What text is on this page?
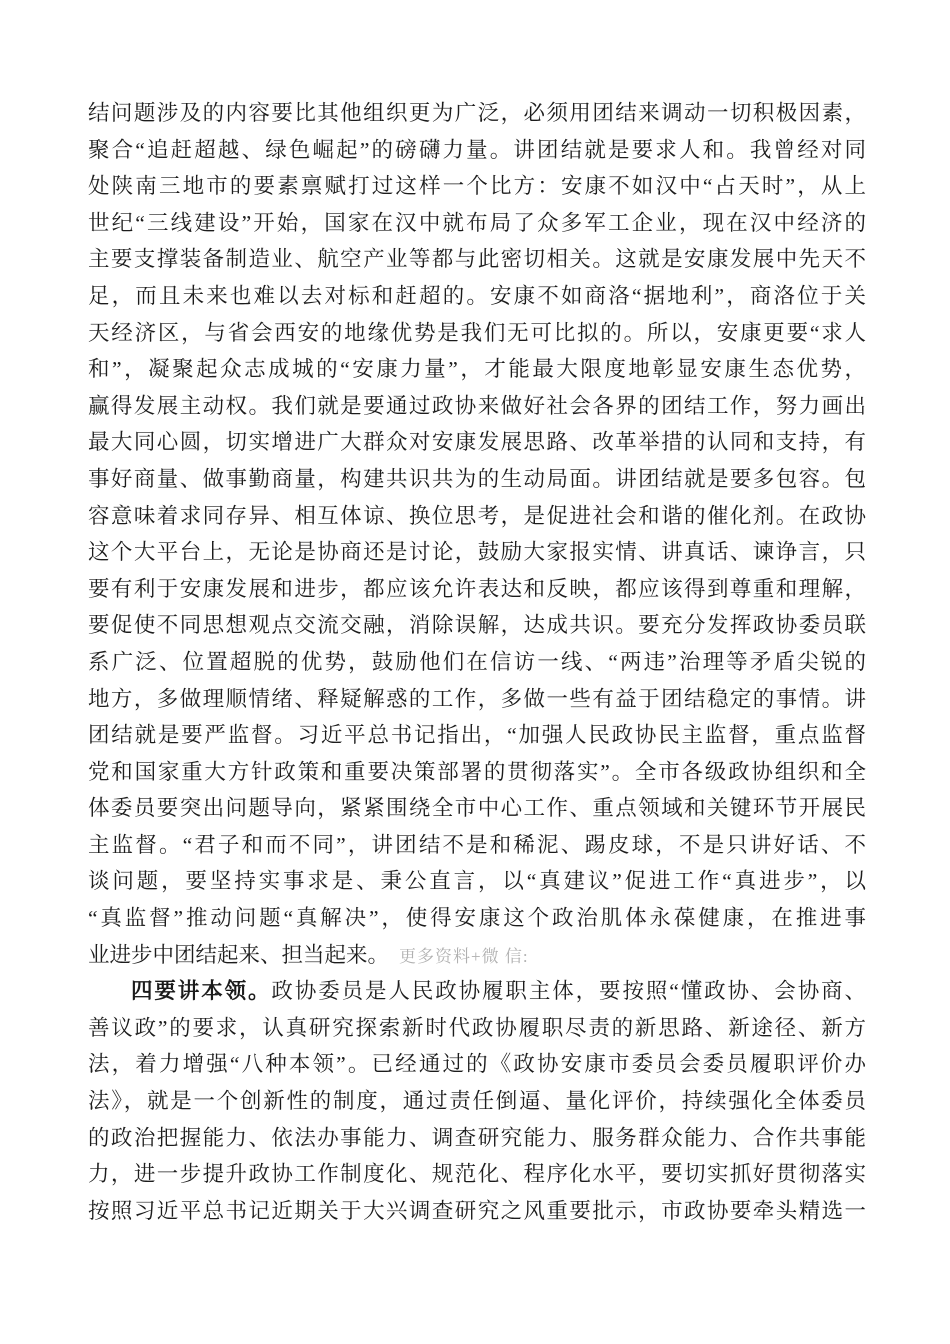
结问题涉及的内容要比其他组织更为广泛，必须用团结来调动一切积极因素，
聚合“追赶超越、绿色崛起”的磅礴力量。讲团结就是要求人和。我曾经对同
处陕南三地市的要素禀赋打过这样一个比方：安康不如汉中“占天时”，从上
世纪“三线建设”开始，国家在汉中就布局了众多军工企业，现在汉中经济的
主要支撑装备制造业、航空产业等都与此密切相关。这就是安康发展中先天不
足，而且未来也难以去对标和赶超的。安康不如商洛“据地利”，商洛位于关
天经济区，与省会西安的地缘优势是我们无可比拟的。所以，安康更要“求人
和”，凝聚起众志成城的“安康力量”，才能最大限度地彰显安康生态优势，
赢得发展主动权。我们就是要通过政协来做好社会各界的团结工作，努力画出
最大同心圆，切实增进广大群众对安康发展思路、改革举措的认同和支持，有
事好商量、做事勤商量，构建共识共为的生动局面。讲团结就是要多包容。包
容意味着求同存异、相互体谅、换位思考，是促进社会和谐的催化剂。在政协
这个大平台上，无论是协商还是讨论，鼓励大家报实情、讲真话、谏诤言，只
要有利于安康发展和进步，都应该允许表达和反映，都应该得到尊重和理解，
要促使不同思想观点交流交融，消除误解，达成共识。要充分发挥政协委员联
系广泛、位置超脱的优势，鼓励他们在信访一线、“两违”治理等矛盾尖锐的
地方，多做理顺情绪、释疑解惑的工作，多做一些有益于团结稳定的事情。讲
团结就是要严监督。习近平总书记指出，“加强人民政协民主监督，重点监督
党和国家重大方针政策和重要决策部署的贯彻落实”。全市各级政协组织和全
体委员要突出问题导向，紧紧围绕全市中心工作、重点领域和关键环节开展民
主监督。“君子和而不同”，讲团结不是和稀泥、踢皮球，不是只讲好话、不
谈问题，要坚持实事求是、秉公直言，以“真建议”促进工作“真进步”，以
“真监督”推动问题“真解决”，使得安康这个政治肌体永葆健康，在推进事
业进步中团结起来、担当起来。 更多资料+微 信:
四要讲本领。政协委员是人民政协履职主体，要按照“懂政协、会协商、
善议政”的要求，认真研究探索新时代政协履职尽责的新思路、新途径、新方
法，着力增强“八种本领”。已经通过的《政协安康市委员会委员履职评价办
法》，就是一个创新性的制度，通过责任倒逼、量化评价，持续强化全体委员
的政治把握能力、依法办事能力、调查研究能力、服务群众能力、合作共事能
力，进一步提升政协工作制度化、规范化、程序化水平，要切实抓好贯彻落实
按照习近平总书记近期关于大兴调查研究之风重要批示，市政协要牵头精选一
